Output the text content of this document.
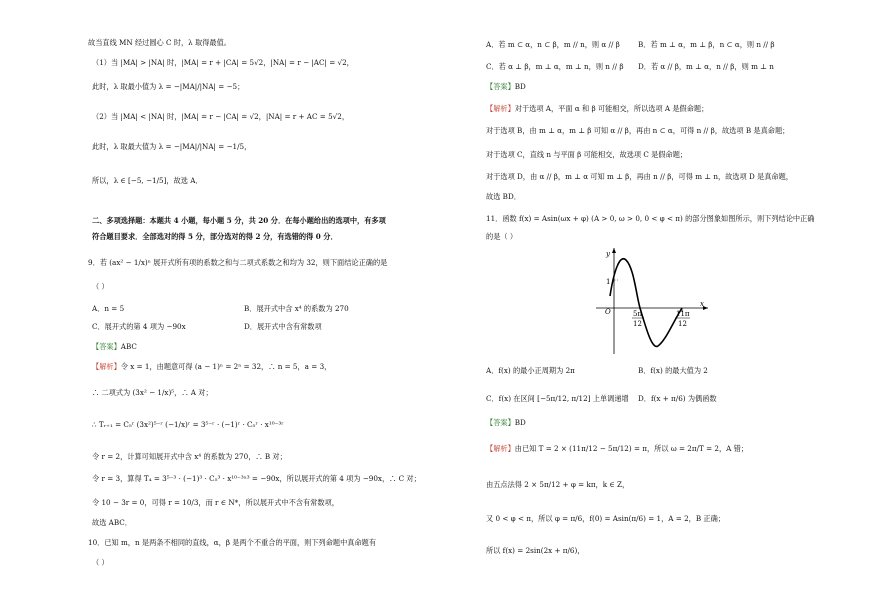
故当直线 MN 经过圆心 C 时，λ 取得最值。
（1）当 |MA| > |NA| 时，|MA| = r + |CA| = 5√2，|NA| = r − |AC| = √2，
此时，λ 取最小值为 λ = −|MA|/|NA| = −5；
（2）当 |MA| < |NA| 时，|MA| = r − |CA| = √2，|NA| = r + AC = 5√2，
此时，λ 取最大值为 λ = −|MA|/|NA| = −1/5，
所以，λ ∈ [−5, −1/5]，故选 A．
二、多项选择题：本题共 4 小题，每小题 5 分，共 20 分．在每小题给出的选项中，有多项
符合题目要求．全部选对的得 5 分，部分选对的得 2 分，有选错的得 0 分．
9．若 (ax² − 1/x)ⁿ 展开式所有项的系数之和与二项式系数之和均为 32，则下面结论正确的是
（ ）
A．n = 5	B．展开式中含 x⁴ 的系数为 270
C．展开式的第 4 项为 −90x	D．展开式中含有常数项
【答案】ABC
【解析】令 x = 1，由题意可得 (a − 1)ⁿ = 2ⁿ = 32，∴ n = 5，a = 3，
∴ 二项式为 (3x² − 1/x)⁵，∴ A 对；
∴ Tᵣ₊₁ = C₅ʳ (3x²)⁵⁻ʳ (−1/x)ʳ = 3⁵⁻ʳ · (−1)ʳ · C₅ʳ · x¹⁰⁻³ʳ
令 r = 2，计算可知展开式中含 x⁴ 的系数为 270，∴ B 对；
令 r = 3，算得 T₄ = 3⁵⁻³ · (−1)³ · C₅³ · x¹⁰⁻³ˣ³ = −90x，所以展开式的第 4 项为 −90x，∴ C 对；
令 10 − 3r = 0，可得 r = 10/3，而 r ∈ N*，所以展开式中不含有常数项，
故选 ABC．
10．已知 m，n 是两条不相同的直线，α，β 是两个不重合的平面，则下列命题中真命题有
（ ）
A．若 m ⊂ α，n ⊂ β，m // n，则 α // β	B．若 m ⊥ α，m ⊥ β，n ⊂ α，则 n // β
C．若 α ⊥ β，m ⊥ α，m ⊥ n，则 n // β D．若 α // β，m ⊥ α，n // β，则 m ⊥ n
【答案】BD
【解析】对于选项 A，平面 α 和 β 可能相交，所以选项 A 是假命题；
对于选项 B，由 m ⊥ α，m ⊥ β 可知 α // β，再由 n ⊂ α，可得 n // β，故选项 B 是真命题；
对于选项 C，直线 n 与平面 β 可能相交，故选项 C 是假命题；
对于选项 D，由 α // β，m ⊥ α 可知 m ⊥ β，再由 n // β，可得 m ⊥ n，故选项 D 是真命题，
故选 BD．
11．函数 f(x) = Asin(ωx + φ) (A > 0, ω > 0, 0 < φ < π) 的部分图象如图所示，则下列结论中正确
的是（ ）
y
x
O
1
5π
12
11π
12
A．f(x) 的最小正周期为 2π	B．f(x) 的最大值为 2
C．f(x) 在区间 [−5π/12, π/12] 上单调递增 D．f(x + π/6) 为偶函数
【答案】BD
【解析】由已知 T = 2 × (11π/12 − 5π/12) = π，所以 ω = 2π/T = 2，A 错；
由五点法得 2 × 5π/12 + φ = kπ，k ∈ Z，
又 0 < φ < π，所以 φ = π/6，f(0) = Asin(π/6) = 1，A = 2，B 正确；
所以 f(x) = 2sin(2x + π/6)，
